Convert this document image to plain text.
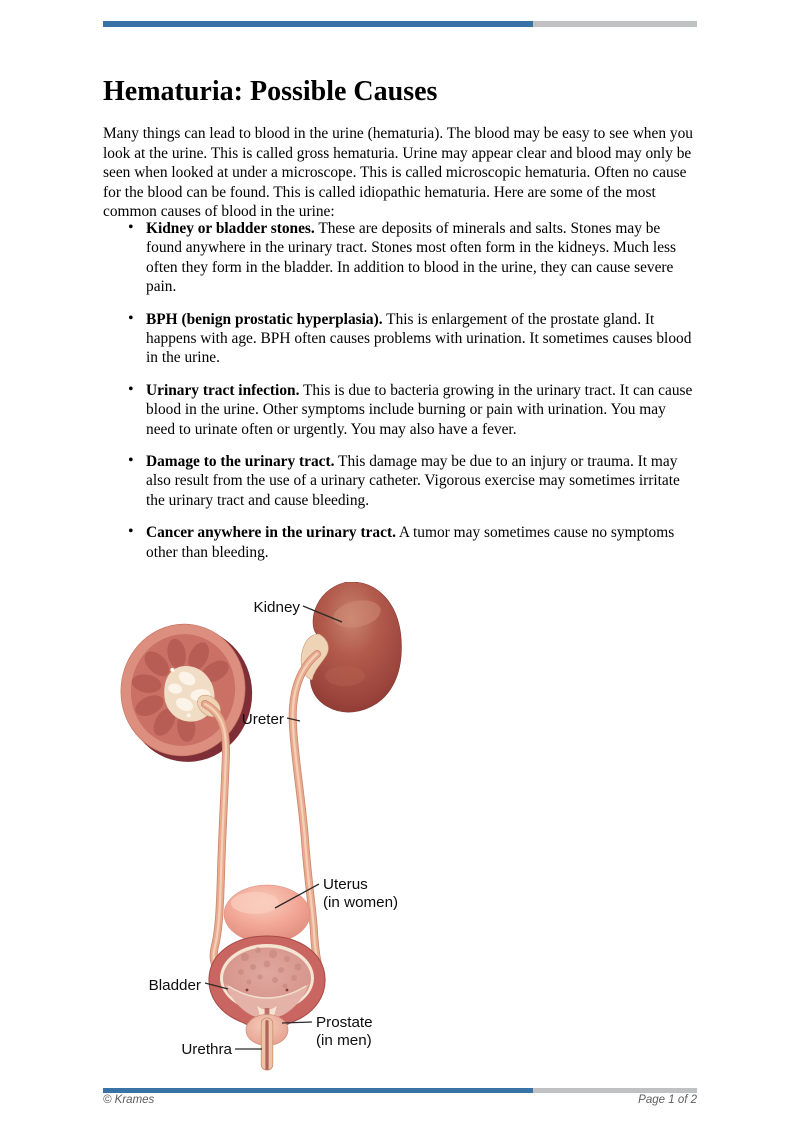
Hematuria: Possible Causes

Many things can lead to blood in the urine (hematuria). The blood may be easy to see when you look at the urine. This is called gross hematuria. Urine may appear clear and blood may only be seen when looked at under a microscope. This is called microscopic hematuria. Often no cause for the blood can be found. This is called idiopathic hematuria. Here are some of the most common causes of blood in the urine:

• Kidney or bladder stones. These are deposits of minerals and salts. Stones may be found anywhere in the urinary tract. Stones most often form in the kidneys. Much less often they form in the bladder. In addition to blood in the urine, they can cause severe pain.
• BPH (benign prostatic hyperplasia). This is enlargement of the prostate gland. It happens with age. BPH often causes problems with urination. It sometimes causes blood in the urine.
• Urinary tract infection. This is due to bacteria growing in the urinary tract. It can cause blood in the urine. Other symptoms include burning or pain with urination. You may need to urinate often or urgently. You may also have a fever.
• Damage to the urinary tract. This damage may be due to an injury or trauma. It may also result from the use of a urinary catheter. Vigorous exercise may sometimes irritate the urinary tract and cause bleeding.
• Cancer anywhere in the urinary tract. A tumor may sometimes cause no symptoms other than bleeding.
Kidney
Ureter
Uterus
(in women)
Bladder
Prostate
(in men)
Urethra
© Krames	Page 1 of 2
